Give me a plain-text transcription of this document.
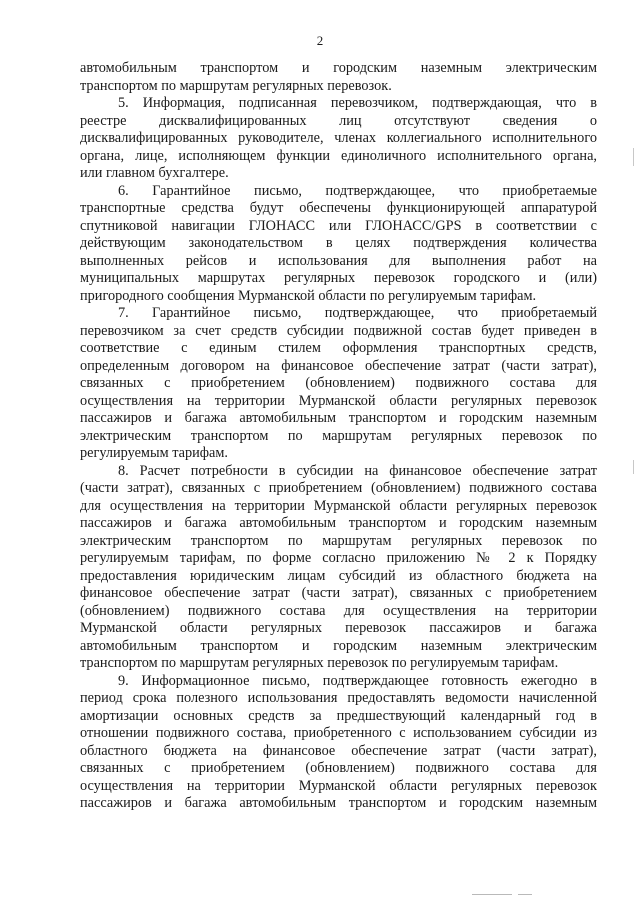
2
автомобильным транспортом и городским наземным электрическим
транспортом по маршрутам регулярных перевозок.
5. Информация, подписанная перевозчиком, подтверждающая, что в
реестре дисквалифицированных лиц отсутствуют сведения о
дисквалифицированных руководителе, членах коллегиального исполнительного
органа, лице, исполняющем функции единоличного исполнительного органа,
или главном бухгалтере.
6. Гарантийное письмо, подтверждающее, что приобретаемые
транспортные средства будут обеспечены функционирующей аппаратурой
спутниковой навигации ГЛОНАСС или ГЛОНАСС/GPS в соответствии с
действующим законодательством в целях подтверждения количества
выполненных рейсов и использования для выполнения работ на
муниципальных маршрутах регулярных перевозок городского и (или)
пригородного сообщения Мурманской области по регулируемым тарифам.
7. Гарантийное письмо, подтверждающее, что приобретаемый
перевозчиком за счет средств субсидии подвижной состав будет приведен в
соответствие с единым стилем оформления транспортных средств,
определенным договором на финансовое обеспечение затрат (части затрат),
связанных с приобретением (обновлением) подвижного состава для
осуществления на территории Мурманской области регулярных перевозок
пассажиров и багажа автомобильным транспортом и городским наземным
электрическим транспортом по маршрутам регулярных перевозок по
регулируемым тарифам.
8. Расчет потребности в субсидии на финансовое обеспечение затрат
(части затрат), связанных с приобретением (обновлением) подвижного состава
для осуществления на территории Мурманской области регулярных перевозок
пассажиров и багажа автомобильным транспортом и городским наземным
электрическим транспортом по маршрутам регулярных перевозок по
регулируемым тарифам, по форме согласно приложению № 2 к Порядку
предоставления юридическим лицам субсидий из областного бюджета на
финансовое обеспечение затрат (части затрат), связанных с приобретением
(обновлением) подвижного состава для осуществления на территории
Мурманской области регулярных перевозок пассажиров и багажа
автомобильным транспортом и городским наземным электрическим
транспортом по маршрутам регулярных перевозок по регулируемым тарифам.
9. Информационное письмо, подтверждающее готовность ежегодно в
период срока полезного использования предоставлять ведомости начисленной
амортизации основных средств за предшествующий календарный год в
отношении подвижного состава, приобретенного с использованием субсидии из
областного бюджета на финансовое обеспечение затрат (части затрат),
связанных с приобретением (обновлением) подвижного состава для
осуществления на территории Мурманской области регулярных перевозок
пассажиров и багажа автомобильным транспортом и городским наземным
